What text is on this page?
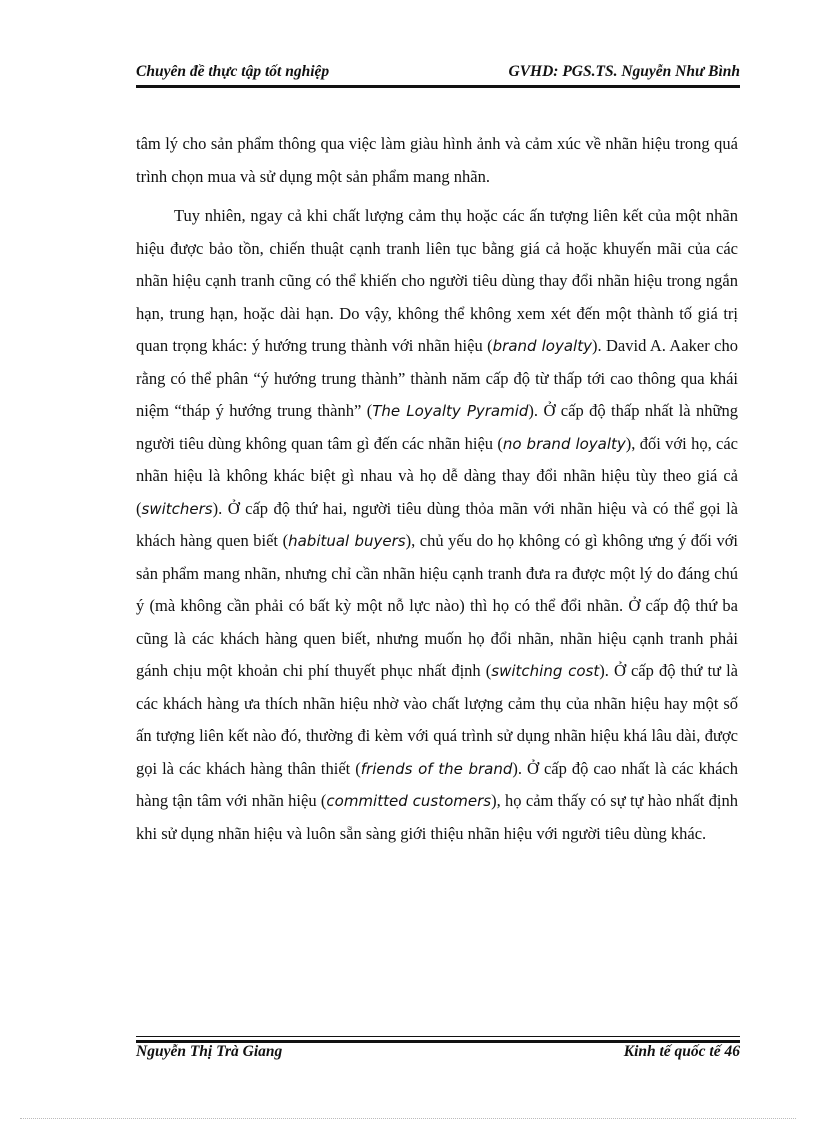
Chuyên đề thực tập tốt nghiệp	GVHD: PGS.TS. Nguyễn Như Bình

tâm lý cho sản phẩm thông qua việc làm giàu hình ảnh và cảm xúc về nhãn hiệu trong quá trình chọn mua và sử dụng một sản phẩm mang nhãn.

Tuy nhiên, ngay cả khi chất lượng cảm thụ hoặc các ấn tượng liên kết của một nhãn hiệu được bảo tồn, chiến thuật cạnh tranh liên tục bằng giá cả hoặc khuyến mãi của các nhãn hiệu cạnh tranh cũng có thể khiến cho người tiêu dùng thay đổi nhãn hiệu trong ngắn hạn, trung hạn, hoặc dài hạn. Do vậy, không thể không xem xét đến một thành tố giá trị quan trọng khác: ý hướng trung thành với nhãn hiệu (brand loyalty). David A. Aaker cho rằng có thể phân “ý hướng trung thành” thành năm cấp độ từ thấp tới cao thông qua khái niệm “tháp ý hướng trung thành” (The Loyalty Pyramid). Ở cấp độ thấp nhất là những người tiêu dùng không quan tâm gì đến các nhãn hiệu (no brand loyalty), đối với họ, các nhãn hiệu là không khác biệt gì nhau và họ dễ dàng thay đổi nhãn hiệu tùy theo giá cả (switchers). Ở cấp độ thứ hai, người tiêu dùng thỏa mãn với nhãn hiệu và có thể gọi là khách hàng quen biết (habitual buyers), chủ yếu do họ không có gì không ưng ý đối với sản phẩm mang nhãn, nhưng chỉ cần nhãn hiệu cạnh tranh đưa ra được một lý do đáng chú ý (mà không cần phải có bất kỳ một nỗ lực nào) thì họ có thể đổi nhãn. Ở cấp độ thứ ba cũng là các khách hàng quen biết, nhưng muốn họ đổi nhãn, nhãn hiệu cạnh tranh phải gánh chịu một khoản chi phí thuyết phục nhất định (switching cost). Ở cấp độ thứ tư là các khách hàng ưa thích nhãn hiệu nhờ vào chất lượng cảm thụ của nhãn hiệu hay một số ấn tượng liên kết nào đó, thường đi kèm với quá trình sử dụng nhãn hiệu khá lâu dài, được gọi là các khách hàng thân thiết (friends of the brand). Ở cấp độ cao nhất là các khách hàng tận tâm với nhãn hiệu (committed customers), họ cảm thấy có sự tự hào nhất định khi sử dụng nhãn hiệu và luôn sẵn sàng giới thiệu nhãn hiệu với người tiêu dùng khác.

Nguyễn Thị Trà Giang	Kinh tế quốc tế 46
